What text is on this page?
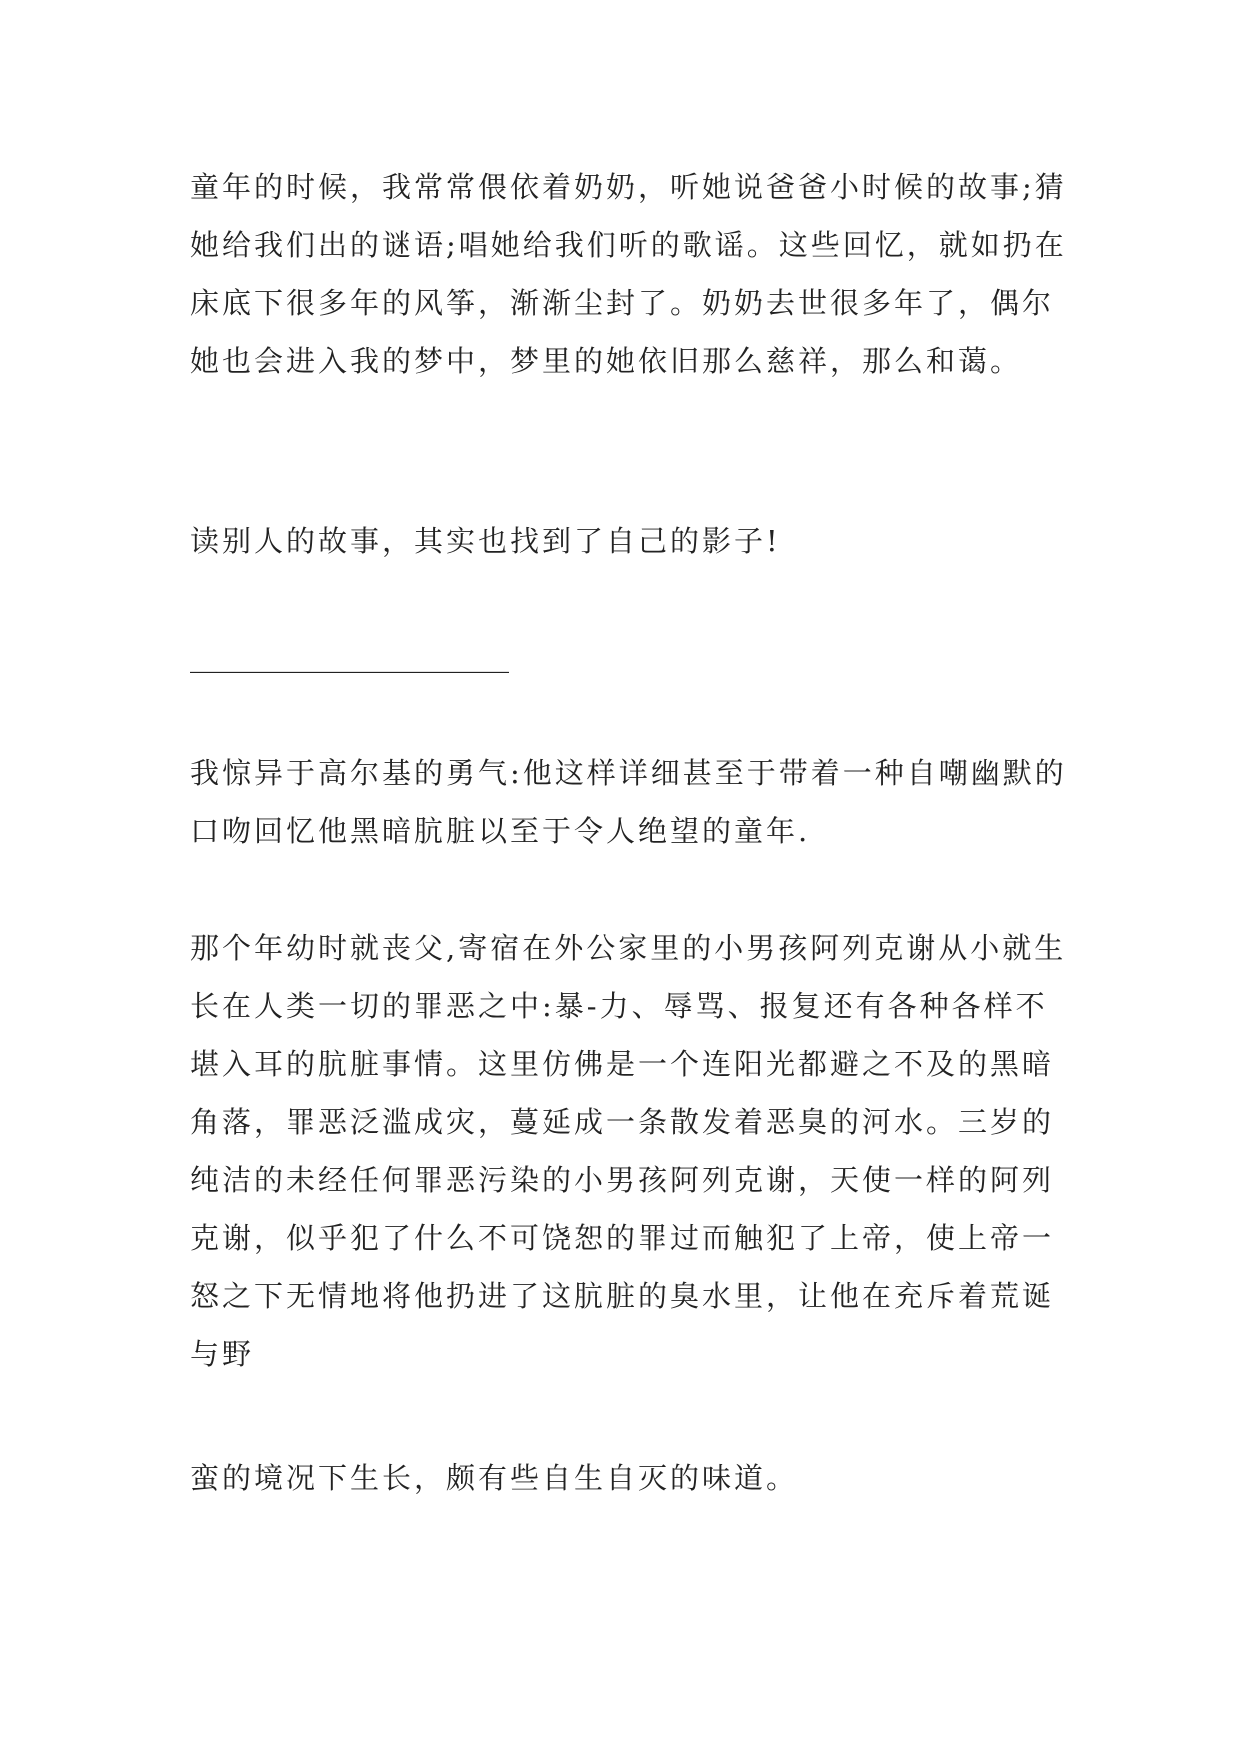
童年的时候，我常常偎依着奶奶，听她说爸爸小时候的故事;猜她给我们出的谜语;唱她给我们听的歌谣。这些回忆，就如扔在床底下很多年的风筝，渐渐尘封了。奶奶去世很多年了，偶尔她也会进入我的梦中，梦里的她依旧那么慈祥，那么和蔼。

读别人的故事，其实也找到了自己的影子!

______________________

我惊异于高尔基的勇气:他这样详细甚至于带着一种自嘲幽默的口吻回忆他黑暗肮脏以至于令人绝望的童年.

那个年幼时就丧父,寄宿在外公家里的小男孩阿列克谢从小就生长在人类一切的罪恶之中:暴-力、辱骂、报复还有各种各样不堪入耳的肮脏事情。这里仿佛是一个连阳光都避之不及的黑暗角落，罪恶泛滥成灾，蔓延成一条散发着恶臭的河水。三岁的纯洁的未经任何罪恶污染的小男孩阿列克谢，天使一样的阿列克谢，似乎犯了什么不可饶恕的罪过而触犯了上帝，使上帝一怒之下无情地将他扔进了这肮脏的臭水里，让他在充斥着荒诞与野

蛮的境况下生长，颇有些自生自灭的味道。
